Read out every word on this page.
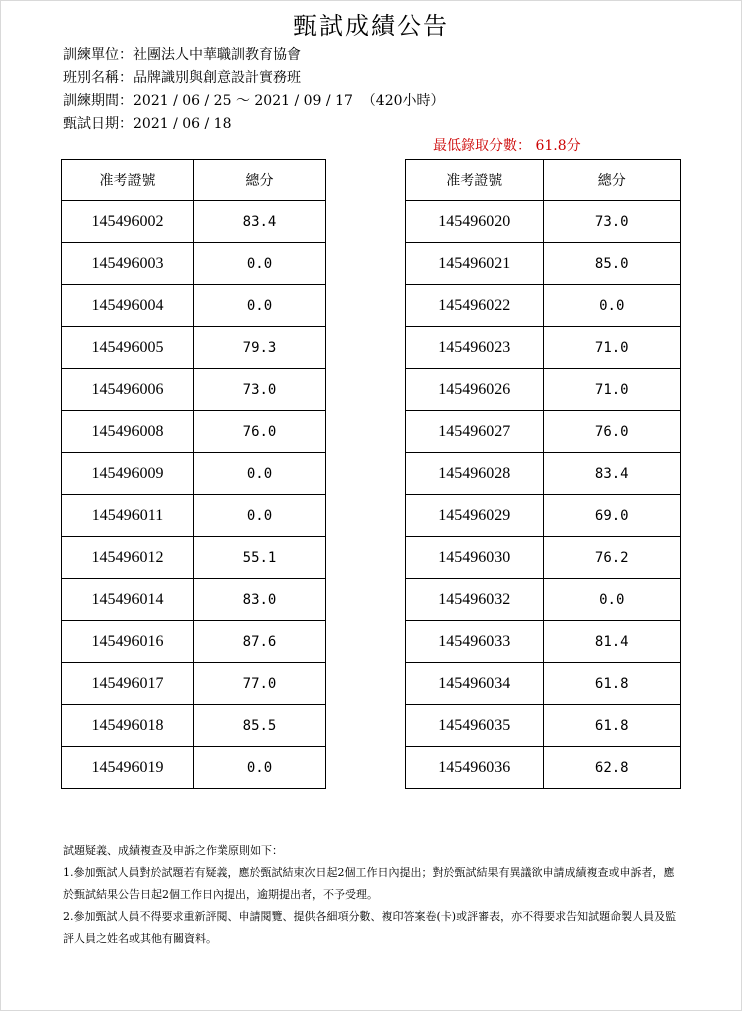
甄試成績公告
訓練單位：社團法人中華職訓教育協會
班別名稱：品牌識別與創意設計實務班
訓練期間：2021 / 06 / 25 ～ 2021 / 09 / 17  （420小時）
甄試日期：2021 / 06 / 18
最低錄取分數： 61.8分
准考證號	總分
145496002	83.4
145496003	0.0
145496004	0.0
145496005	79.3
145496006	73.0
145496008	76.0
145496009	0.0
145496011	0.0
145496012	55.1
145496014	83.0
145496016	87.6
145496017	77.0
145496018	85.5
145496019	0.0
准考證號	總分
145496020	73.0
145496021	85.0
145496022	0.0
145496023	71.0
145496026	71.0
145496027	76.0
145496028	83.4
145496029	69.0
145496030	76.2
145496032	0.0
145496033	81.4
145496034	61.8
145496035	61.8
145496036	62.8
試題疑義、成績複查及申訴之作業原則如下：
1.參加甄試人員對於試題若有疑義，應於甄試結束次日起2個工作日內提出；對於甄試結果有異議欲申請成績複查或申訴者，應於甄試結果公告日起2個工作日內提出，逾期提出者，不予受理。
2.參加甄試人員不得要求重新評閱、申請閱覽、提供各細項分數、複印答案卷(卡)或評審表，亦不得要求告知試題命製人員及監評人員之姓名或其他有關資料。
